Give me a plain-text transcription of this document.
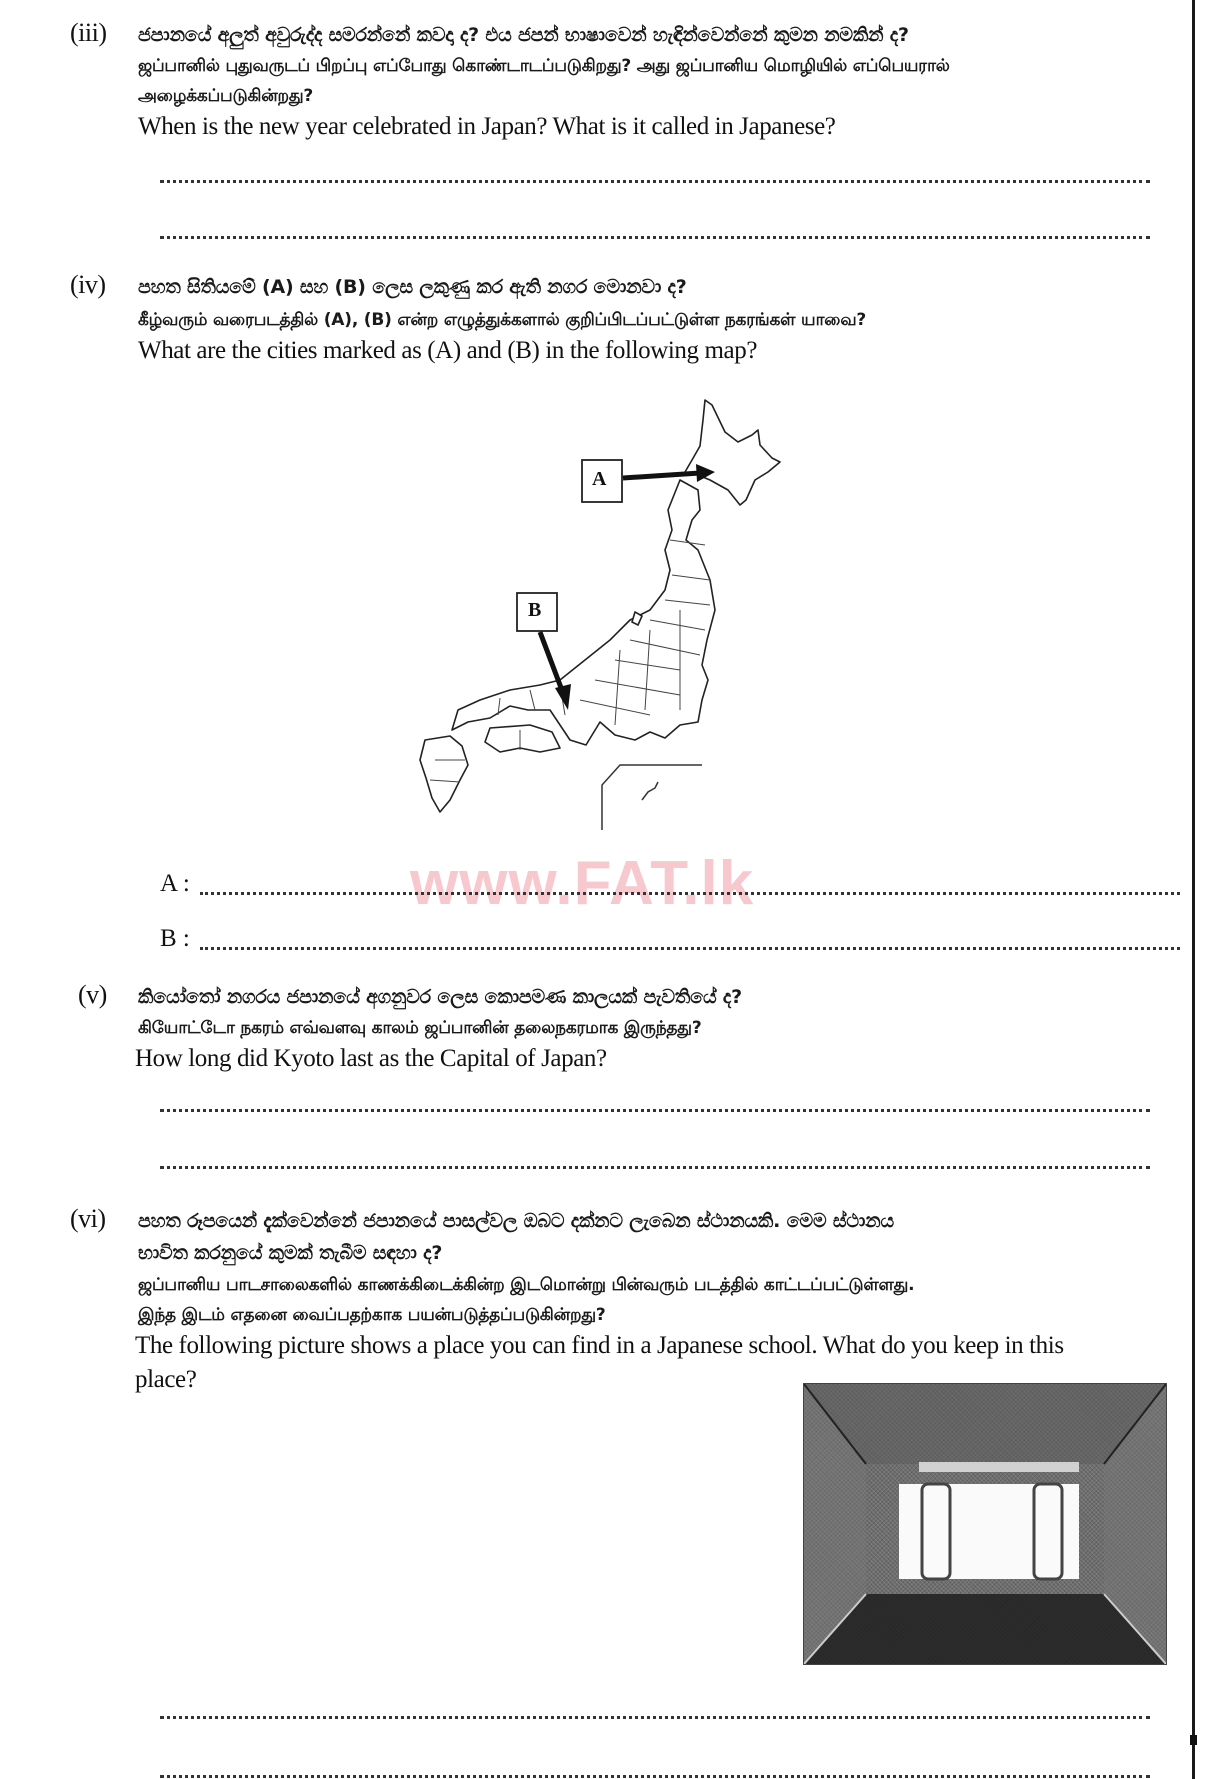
(iii) ජපානයේ අලුත් අවුරුද්ද සමරන්නේ කවදා ද? එය ජපන් භාෂාවෙන් හැඳින්වෙන්නේ කුමන නමකින් ද?
ஜப்பானில் புதுவருடப் பிறப்பு எப்போது கொண்டாடப்படுகிறது? அது ஜப்பானிய மொழியில் எப்பெயரால்
அழைக்கப்படுகின்றது?
When is the new year celebrated in Japan? What is it called in Japanese?
(iv) පහත සිතියමේ (A) සහ (B) ලෙස ලකුණු කර ඇති නගර මොනවා ද?
கீழ்வரும் வரைபடத்தில் (A), (B) என்ற எழுத்துக்களால் குறிப்பிடப்பட்டுள்ள நகரங்கள் யாவை?
What are the cities marked as (A) and (B) in the following map?
A
B
www.FAT.lk
A :
B :
(v) කියෝතෝ නගරය ජපානයේ අගනුවර ලෙස කොපමණ කාලයක් පැවතියේ ද?
கியோட்டோ நகரம் எவ்வளவு காலம் ஜப்பானின் தலைநகரமாக இருந்தது?
How long did Kyoto last as the Capital of Japan?
(vi) පහත රූපයෙන් දැක්වෙන්නේ ජපානයේ පාසල්වල ඔබට දක්නට ලැබෙන ස්ථානයකි. මෙම ස්ථානය
භාවිත කරනුයේ කුමක් තැබීම සඳහා ද?
ஜப்பானிய பாடசாலைகளில் காணக்கிடைக்கின்ற இடமொன்று பின்வரும் படத்தில் காட்டப்பட்டுள்ளது.
இந்த இடம் எதனை வைப்பதற்காக பயன்படுத்தப்படுகின்றது?
The following picture shows a place you can find in a Japanese school. What do you keep in this
place?
